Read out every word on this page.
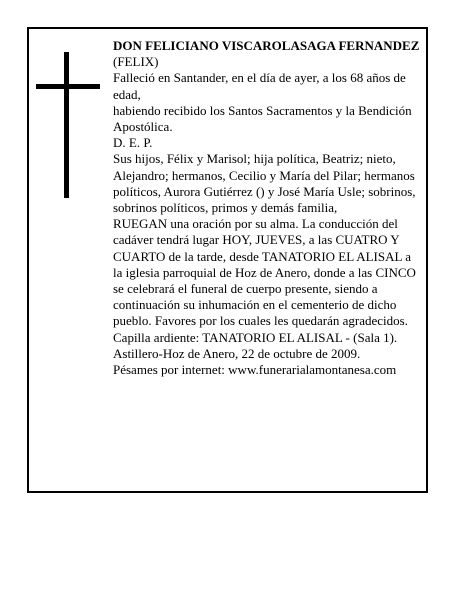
DON FELICIANO VISCAROLASAGA FERNANDEZ

(FELIX)

Falleció en Santander, en el día de ayer, a los 68 años de edad,

habiendo recibido los Santos Sacramentos y la Bendición Apostólica.

D. E. P.

Sus hijos, Félix y Marisol; hija política, Beatriz; nieto, Alejandro; hermanos, Cecilio y María del Pilar; hermanos políticos, Aurora Gutiérrez () y José María Usle; sobrinos, sobrinos políticos, primos y demás familia,

RUEGAN una oración por su alma. La conducción del cadáver tendrá lugar HOY, JUEVES, a las CUATRO Y CUARTO de la tarde, desde TANATORIO EL ALISAL a la iglesia parroquial de Hoz de Anero, donde a las CINCO se celebrará el funeral de cuerpo presente, siendo a continuación su inhumación en el cementerio de dicho pueblo. Favores por los cuales les quedarán agradecidos. Capilla ardiente: TANATORIO EL ALISAL - (Sala 1).

Astillero-Hoz de Anero, 22 de octubre de 2009.

Pésames por internet: www.funerarialamontanesa.com
